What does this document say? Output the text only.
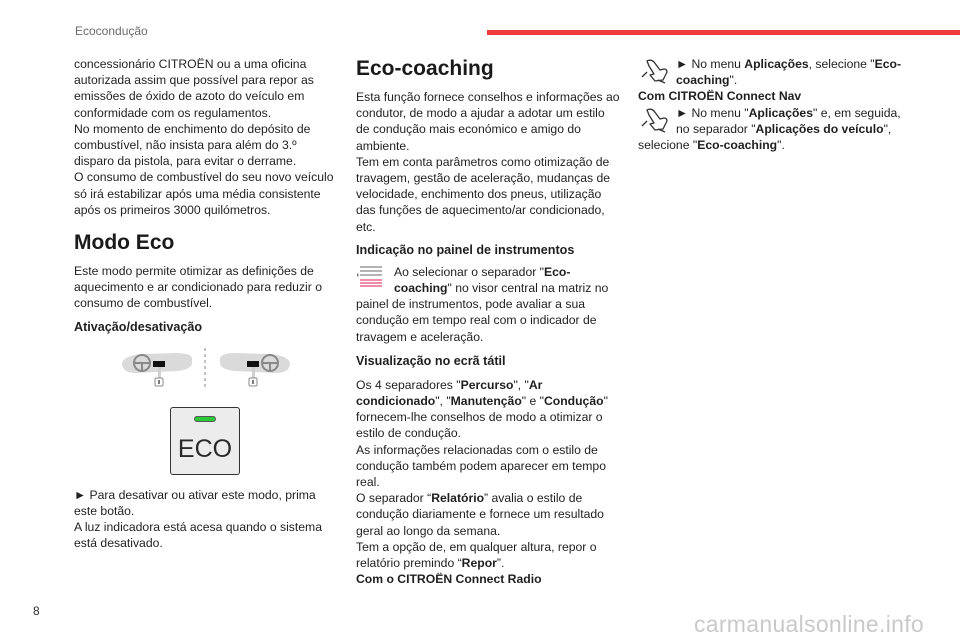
Ecocondução

concessionário CITROËN ou a uma oficina autorizada assim que possível para repor as emissões de óxido de azoto do veículo em conformidade com os regulamentos.

No momento de enchimento do depósito de combustível, não insista para além do 3.º disparo da pistola, para evitar o derrame.

O consumo de combustível do seu novo veículo só irá estabilizar após uma média consistente após os primeiros 3000 quilómetros.

Modo Eco

Este modo permite otimizar as definições de aquecimento e ar condicionado para reduzir o consumo de combustível.

Ativação/desativação
ECO

► Para desativar ou ativar este modo, prima este botão.

A luz indicadora está acesa quando o sistema está desativado.

Eco-coaching

Esta função fornece conselhos e informações ao condutor, de modo a ajudar a adotar um estilo de condução mais económico e amigo do ambiente.

Tem em conta parâmetros como otimização de travagem, gestão de aceleração, mudanças de velocidade, enchimento dos pneus, utilização das funções de aquecimento/ar condicionado, etc.

Indicação no painel de instrumentos

Ao selecionar o separador "Eco-coaching" no visor central na matriz no painel de instrumentos, pode avaliar a sua condução em tempo real com o indicador de travagem e aceleração.

Visualização no ecrã tátil

Os 4 separadores "Percurso", "Ar condicionado", "Manutenção" e "Condução" fornecem-lhe conselhos de modo a otimizar o estilo de condução.

As informações relacionadas com o estilo de condução também podem aparecer em tempo real.

O separador “Relatório” avalia o estilo de condução diariamente e fornece um resultado geral ao longo da semana.

Tem a opção de, em qualquer altura, repor o relatório premindo “Repor”.

Com o CITROËN Connect Radio

► No menu Aplicações, selecione "Eco-coaching".

Com CITROËN Connect Nav

► No menu "Aplicações" e, em seguida, no separador "Aplicações do veículo",

selecione "Eco-coaching".

8	carmanualsonline.info
